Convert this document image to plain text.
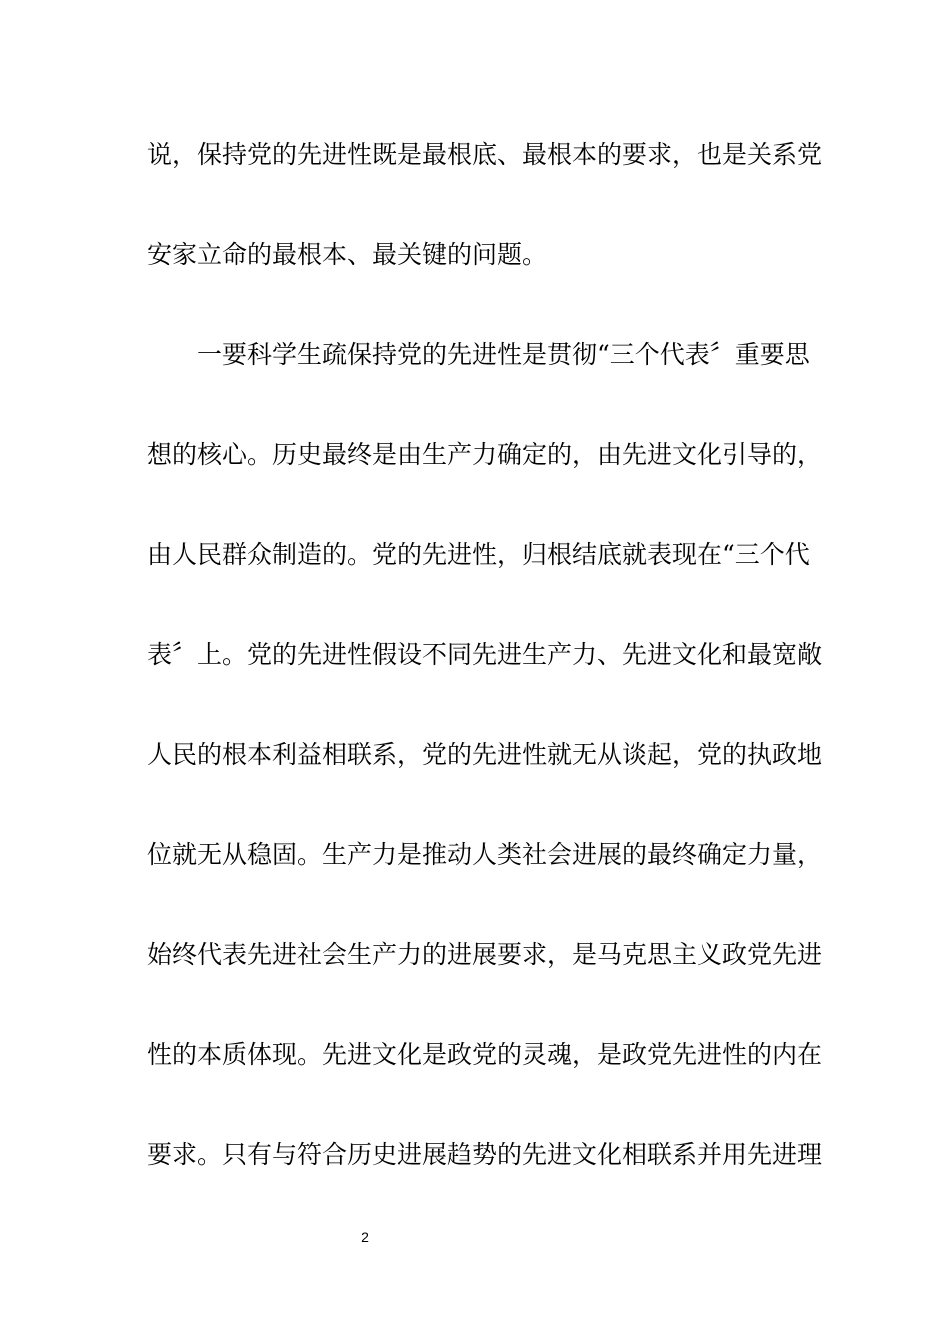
说，保持党的先进性既是最根底、最根本的要求，也是关系党
安家立命的最根本、最关键的问题。
一要科学生疏保持党的先进性是贯彻“三个代表〞重要思
想的核心。历史最终是由生产力确定的，由先进文化引导的，
由人民群众制造的。党的先进性，归根结底就表现在“三个代
表〞上。党的先进性假设不同先进生产力、先进文化和最宽敞
人民的根本利益相联系，党的先进性就无从谈起，党的执政地
位就无从稳固。生产力是推动人类社会进展的最终确定力量，
始终代表先进社会生产力的进展要求，是马克思主义政党先进
性的本质体现。先进文化是政党的灵魂，是政党先进性的内在
要求。只有与符合历史进展趋势的先进文化相联系并用先进理
2
